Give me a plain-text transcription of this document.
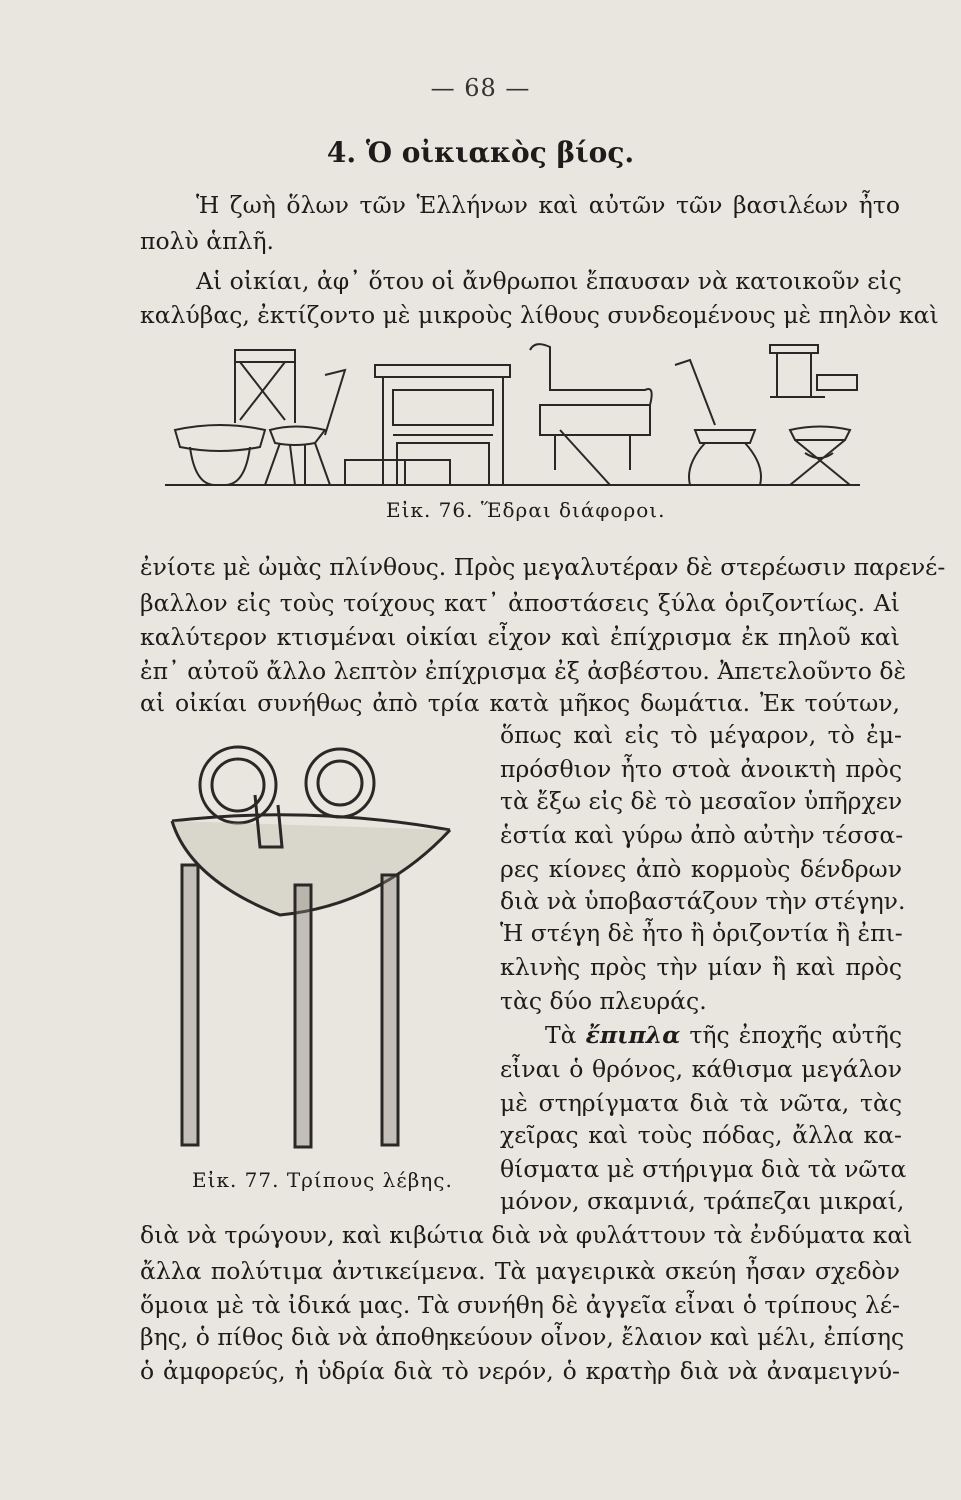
— 68 —
4. Ὁ οἰκιακὸς βίος.
Ἡ ζωὴ ὅλων τῶν Ἑλλήνων καὶ αὐτῶν τῶν βασιλέων ἦτο
πολὺ ἁπλῆ.
Αἱ οἰκίαι, ἀφ᾽ ὅτου οἱ ἄνθρωποι ἔπαυσαν νὰ κατοικοῦν εἰς
καλύβας, ἐκτίζοντο μὲ μικροὺς λίθους συνδεομένους μὲ πηλὸν καὶ
Εἰκ. 76. Ἕδραι διάφοροι.
ἐνίοτε μὲ ὠμὰς πλίνθους. Πρὸς μεγαλυτέραν δὲ στερέωσιν παρενέ-
βαλλον εἰς τοὺς τοίχους κατ᾽ ἀποστάσεις ξύλα ὁριζοντίως. Αἱ
καλύτερον κτισμέναι οἰκίαι εἶχον καὶ ἐπίχρισμα ἐκ πηλοῦ καὶ
ἐπ᾽ αὐτοῦ ἄλλο λεπτὸν ἐπίχρισμα ἐξ ἀσβέστου. Ἀπετελοῦντο δὲ
αἱ οἰκίαι συνήθως ἀπὸ τρία κατὰ μῆκος δωμάτια. Ἐκ τούτων,
Εἰκ. 77. Τρίπους λέβης.
ὅπως καὶ εἰς τὸ μέγαρον, τὸ ἐμ-
πρόσθιον ἦτο στοὰ ἀνοικτὴ πρὸς
τὰ ἔξω εἰς δὲ τὸ μεσαῖον ὑπῆρχεν
ἑστία καὶ γύρω ἀπὸ αὐτὴν τέσσα-
ρες κίονες ἀπὸ κορμοὺς δένδρων
διὰ νὰ ὑποβαστάζουν τὴν στέγην.
Ἡ στέγη δὲ ἦτο ἢ ὁριζοντία ἢ ἐπι-
κλινὴς πρὸς τὴν μίαν ἢ καὶ πρὸς
τὰς δύο πλευράς.
Τὰ ἔπιπλα τῆς ἐποχῆς αὐτῆς
εἶναι ὁ θρόνος, κάθισμα μεγάλον
μὲ στηρίγματα διὰ τὰ νῶτα, τὰς
χεῖρας καὶ τοὺς πόδας, ἄλλα κα-
θίσματα μὲ στήριγμα διὰ τὰ νῶτα
μόνον, σκαμνιά, τράπεζαι μικραί,
διὰ νὰ τρώγουν, καὶ κιβώτια διὰ νὰ φυλάττουν τὰ ἐνδύματα καὶ
ἄλλα πολύτιμα ἀντικείμενα. Τὰ μαγειρικὰ σκεύη ἦσαν σχεδὸν
ὅμοια μὲ τὰ ἰδικά μας. Τὰ συνήθη δὲ ἀγγεῖα εἶναι ὁ τρίπους λέ-
βης, ὁ πίθος διὰ νὰ ἀποθηκεύουν οἶνον, ἔλαιον καὶ μέλι, ἐπίσης
ὁ ἀμφορεύς, ἡ ὑδρία διὰ τὸ νερόν, ὁ κρατὴρ διὰ νὰ ἀναμειγνύ-
